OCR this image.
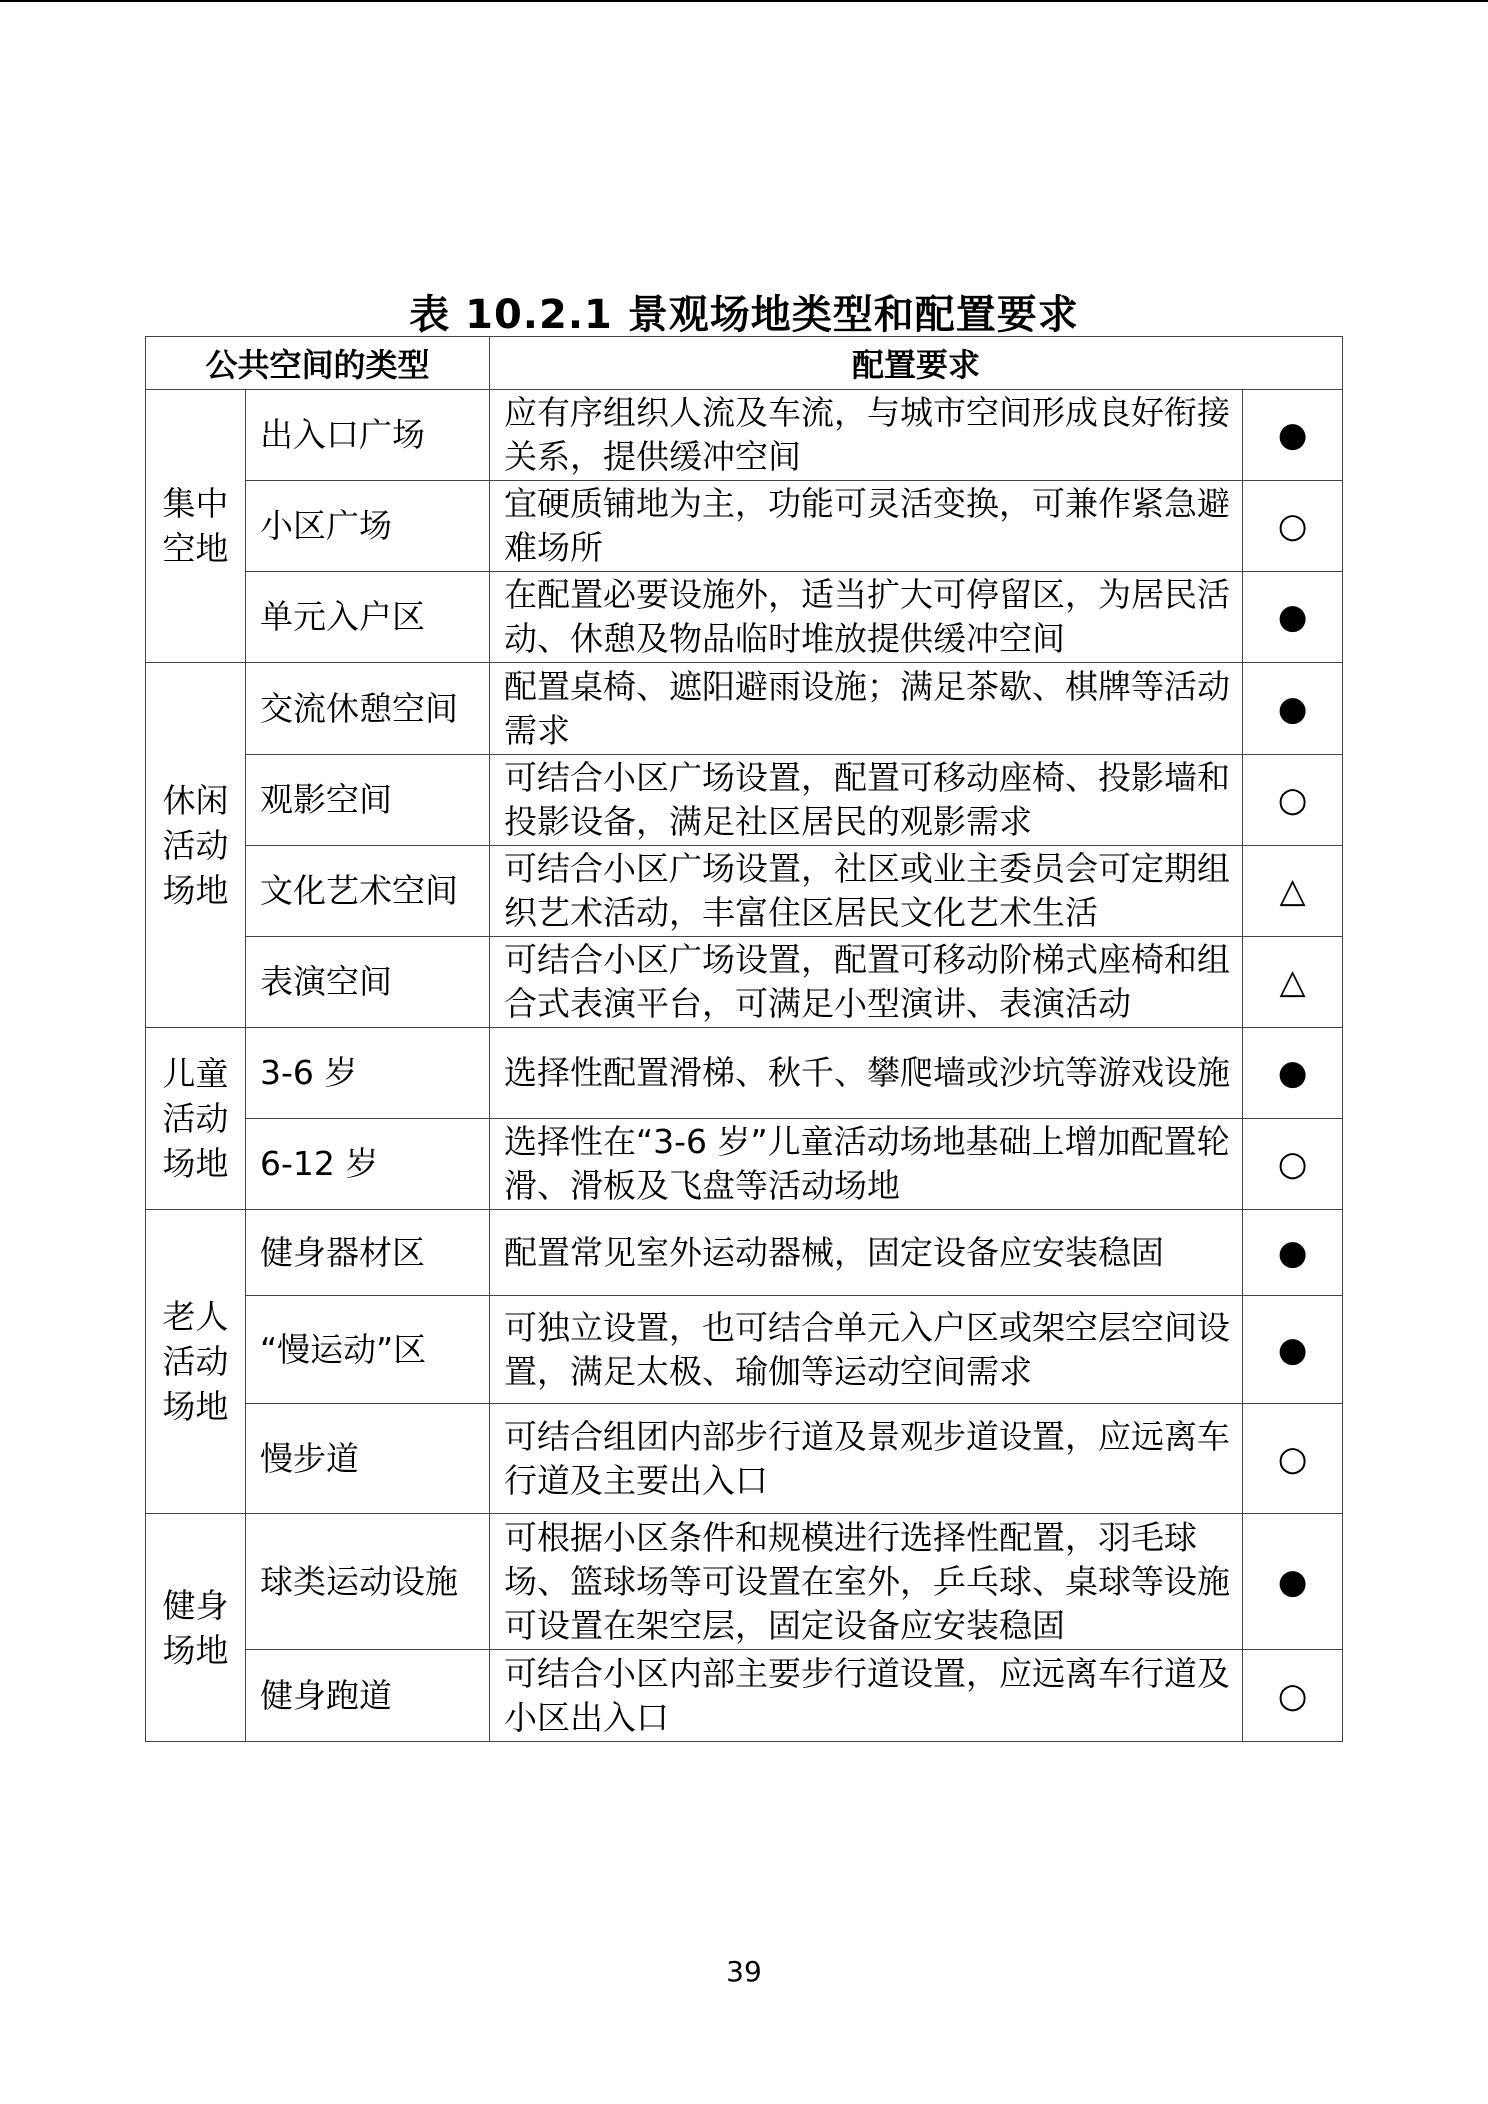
表 10.2.1 景观场地类型和配置要求
公共空间的类型		配置要求	
集中
空地	出入口广场	应有序组织人流及车流，与城市空间形成良好衔接关系，提供缓冲空间	●
	小区广场	宜硬质铺地为主，功能可灵活变换，可兼作紧急避难场所	○
	单元入户区	在配置必要设施外，适当扩大可停留区，为居民活动、休憩及物品临时堆放提供缓冲空间	●
休闲
活动
场地	交流休憩空间	配置桌椅、遮阳避雨设施；满足茶歇、棋牌等活动需求	●
	观影空间	可结合小区广场设置，配置可移动座椅、投影墙和投影设备，满足社区居民的观影需求	○
	文化艺术空间	可结合小区广场设置，社区或业主委员会可定期组织艺术活动，丰富住区居民文化艺术生活	△
	表演空间	可结合小区广场设置，配置可移动阶梯式座椅和组合式表演平台，可满足小型演讲、表演活动	△
儿童
活动
场地	3-6 岁	选择性配置滑梯、秋千、攀爬墙或沙坑等游戏设施	●
	6-12 岁	选择性在“3-6 岁”儿童活动场地基础上增加配置轮滑、滑板及飞盘等活动场地	○
老人
活动
场地	健身器材区	配置常见室外运动器械，固定设备应安装稳固	●
	“慢运动”区	可独立设置，也可结合单元入户区或架空层空间设置，满足太极、瑜伽等运动空间需求	●
	慢步道	可结合组团内部步行道及景观步道设置，应远离车行道及主要出入口	○
健身
场地	球类运动设施	可根据小区条件和规模进行选择性配置，羽毛球场、篮球场等可设置在室外，乒乓球、桌球等设施可设置在架空层，固定设备应安装稳固	●
	健身跑道	可结合小区内部主要步行道设置，应远离车行道及小区出入口	○
39
